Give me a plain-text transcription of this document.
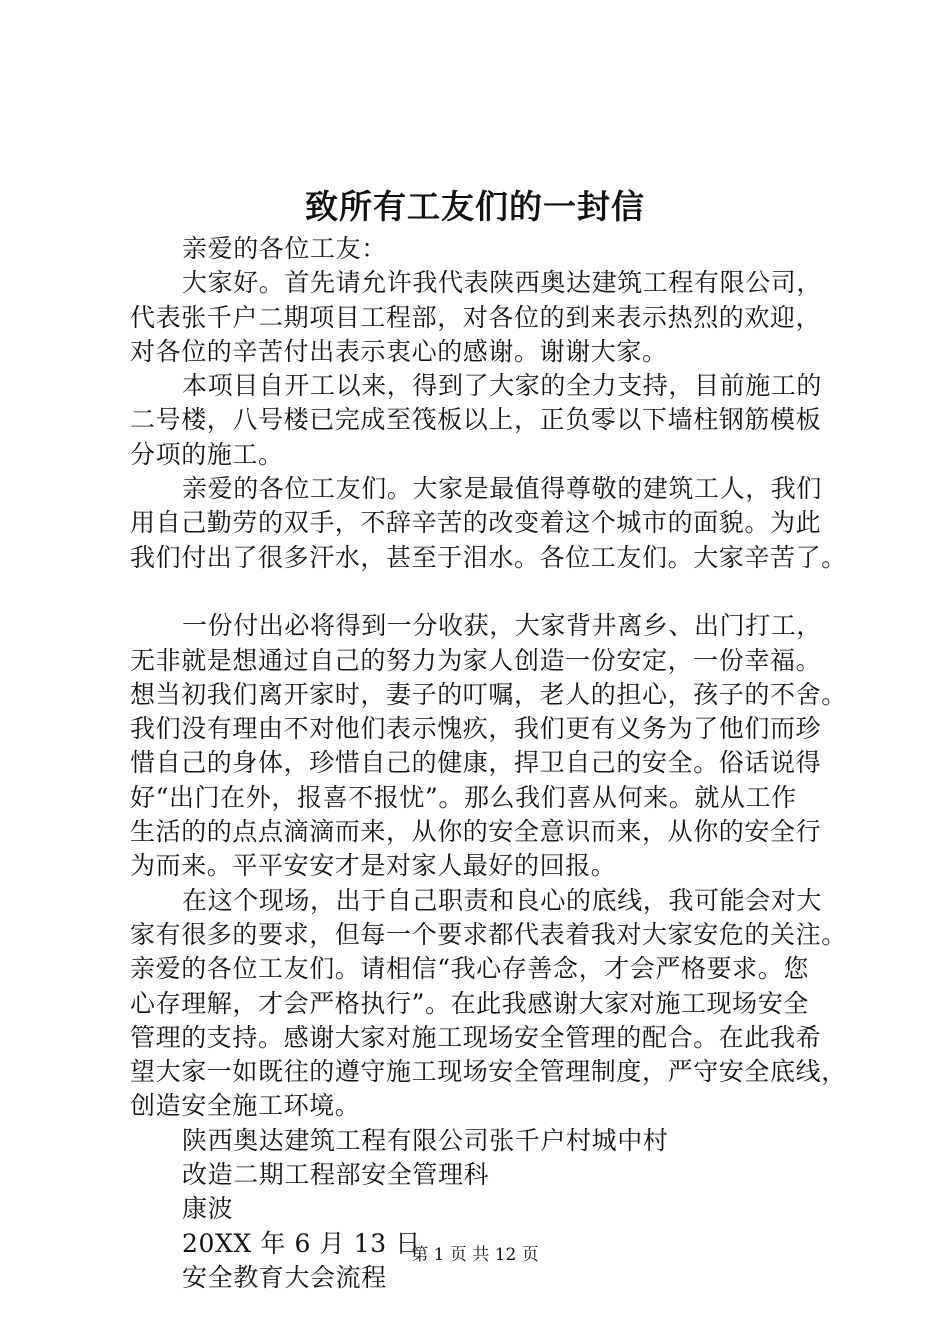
致所有工友们的一封信
亲爱的各位工友：
大家好。首先请允许我代表陕西奥达建筑工程有限公司，
代表张千户二期项目工程部，对各位的到来表示热烈的欢迎，
对各位的辛苦付出表示衷心的感谢。谢谢大家。
本项目自开工以来，得到了大家的全力支持，目前施工的
二号楼，八号楼已完成至筏板以上，正负零以下墙柱钢筋模板
分项的施工。
亲爱的各位工友们。大家是最值得尊敬的建筑工人，我们
用自己勤劳的双手，不辞辛苦的改变着这个城市的面貌。为此
我们付出了很多汗水，甚至于泪水。各位工友们。大家辛苦了。
一份付出必将得到一分收获，大家背井离乡、出门打工，
无非就是想通过自己的努力为家人创造一份安定，一份幸福。
想当初我们离开家时，妻子的叮嘱，老人的担心，孩子的不舍。
我们没有理由不对他们表示愧疚，我们更有义务为了他们而珍
惜自己的身体，珍惜自己的健康，捍卫自己的安全。俗话说得
好“出门在外，报喜不报忧”。那么我们喜从何来。就从工作
生活的的点点滴滴而来，从你的安全意识而来，从你的安全行
为而来。平平安安才是对家人最好的回报。
在这个现场，出于自己职责和良心的底线，我可能会对大
家有很多的要求，但每一个要求都代表着我对大家安危的关注。
亲爱的各位工友们。请相信“我心存善念，才会严格要求。您
心存理解，才会严格执行”。在此我感谢大家对施工现场安全
管理的支持。感谢大家对施工现场安全管理的配合。在此我希
望大家一如既往的遵守施工现场安全管理制度，严守安全底线，
创造安全施工环境。
陕西奥达建筑工程有限公司张千户村城中村
改造二期工程部安全管理科
康波
20XX 年 6 月 13 日
安全教育大会流程
第 1 页 共 12 页
